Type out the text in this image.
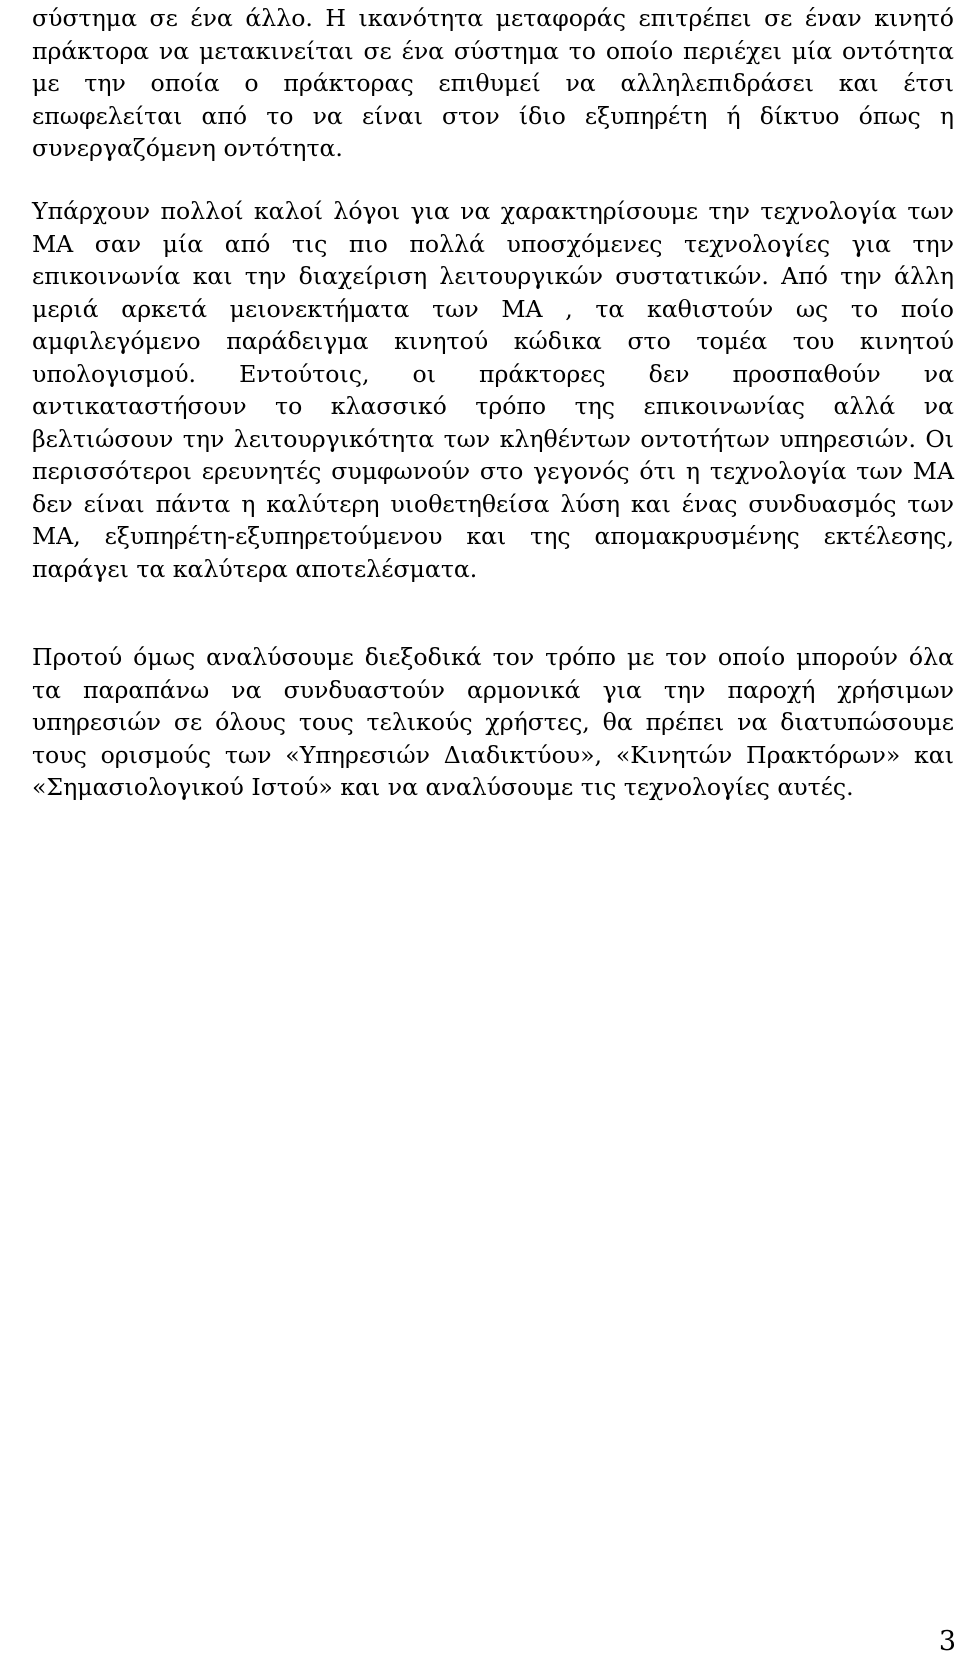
σύστημα σε ένα άλλο. Η ικανότητα μεταφοράς επιτρέπει σε έναν κινητό πράκτορα να μετακινείται σε ένα σύστημα το οποίο περιέχει μία οντότητα με την οποία ο πράκτορας επιθυμεί να αλληλεπιδράσει και έτσι επωφελείται από το να είναι στον ίδιο εξυπηρέτη ή δίκτυο όπως η συνεργαζόμενη οντότητα.

Υπάρχουν πολλοί καλοί λόγοι για να χαρακτηρίσουμε την τεχνολογία των ΜΑ σαν μία από τις πιο πολλά υποσχόμενες τεχνολογίες για την επικοινωνία και την διαχείριση λειτουργικών συστατικών. Από την άλλη μεριά αρκετά μειονεκτήματα των ΜΑ , τα καθιστούν ως το ποίο αμφιλεγόμενο παράδειγμα κινητού κώδικα στο τομέα του κινητού υπολογισμού. Εντούτοις, οι πράκτορες δεν προσπαθούν να αντικαταστήσουν το κλασσικό τρόπο της επικοινωνίας αλλά να βελτιώσουν την λειτουργικότητα των κληθέντων οντοτήτων υπηρεσιών. Οι περισσότεροι ερευνητές συμφωνούν στο γεγονός ότι η τεχνολογία των ΜΑ δεν είναι πάντα η καλύτερη υιοθετηθείσα λύση και ένας συνδυασμός των ΜΑ, εξυπηρέτη-εξυπηρετούμενου και της απομακρυσμένης εκτέλεσης, παράγει τα καλύτερα αποτελέσματα.

Προτού όμως αναλύσουμε διεξοδικά τον τρόπο με τον οποίο μπορούν όλα τα παραπάνω να συνδυαστούν αρμονικά για την παροχή χρήσιμων υπηρεσιών σε όλους τους τελικούς χρήστες, θα πρέπει να διατυπώσουμε τους ορισμούς των «Υπηρεσιών Διαδικτύου», «Κινητών Πρακτόρων» και «Σημασιολογικού Ιστού» και να αναλύσουμε τις τεχνολογίες αυτές.

3
